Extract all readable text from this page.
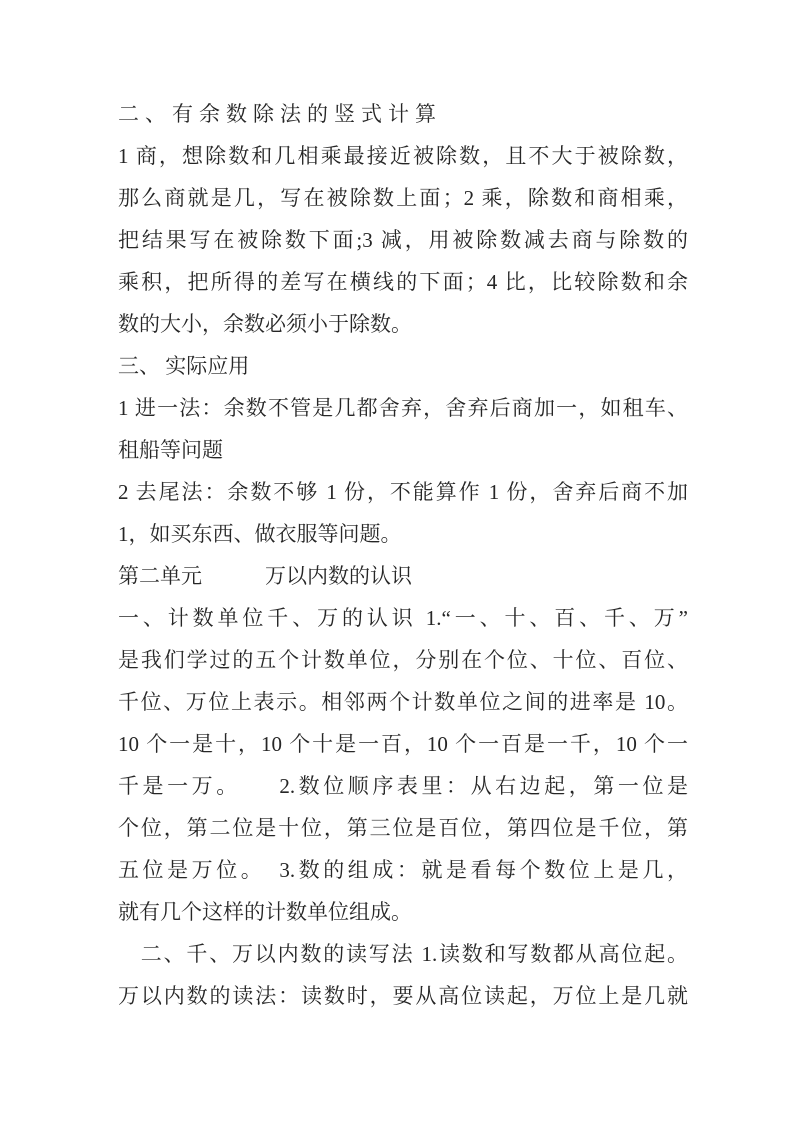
二、有余数除法的竖式计算
1 商，想除数和几相乘最接近被除数，且不大于被除数，
那么商就是几，写在被除数上面；2 乘，除数和商相乘，
把结果写在被除数下面;3 减，用被除数减去商与除数的
乘积，把所得的差写在横线的下面；4 比，比较除数和余
数的大小，余数必须小于除数。
三、 实际应用
1 进一法：余数不管是几都舍弃，舍弃后商加一，如租车、
租船等问题
2 去尾法：余数不够 1 份，不能算作 1 份，舍弃后商不加
1，如买东西、做衣服等问题。
第二单元　　　万以内数的认识
一、计数单位千、万的认识 1.“一、十、百、千、万”
是我们学过的五个计数单位，分别在个位、十位、百位、
千位、万位上表示。相邻两个计数单位之间的进率是 10。
10 个一是十，10 个十是一百，10 个一百是一千，10 个一
千是一万。　　2.数位顺序表里：从右边起，第一位是
个位，第二位是十位，第三位是百位，第四位是千位，第
五位是万位。　3.数的组成：就是看每个数位上是几，
就有几个这样的计数单位组成。
　二、千、万以内数的读写法 1.读数和写数都从高位起。
万以内数的读法：读数时，要从高位读起，万位上是几就
